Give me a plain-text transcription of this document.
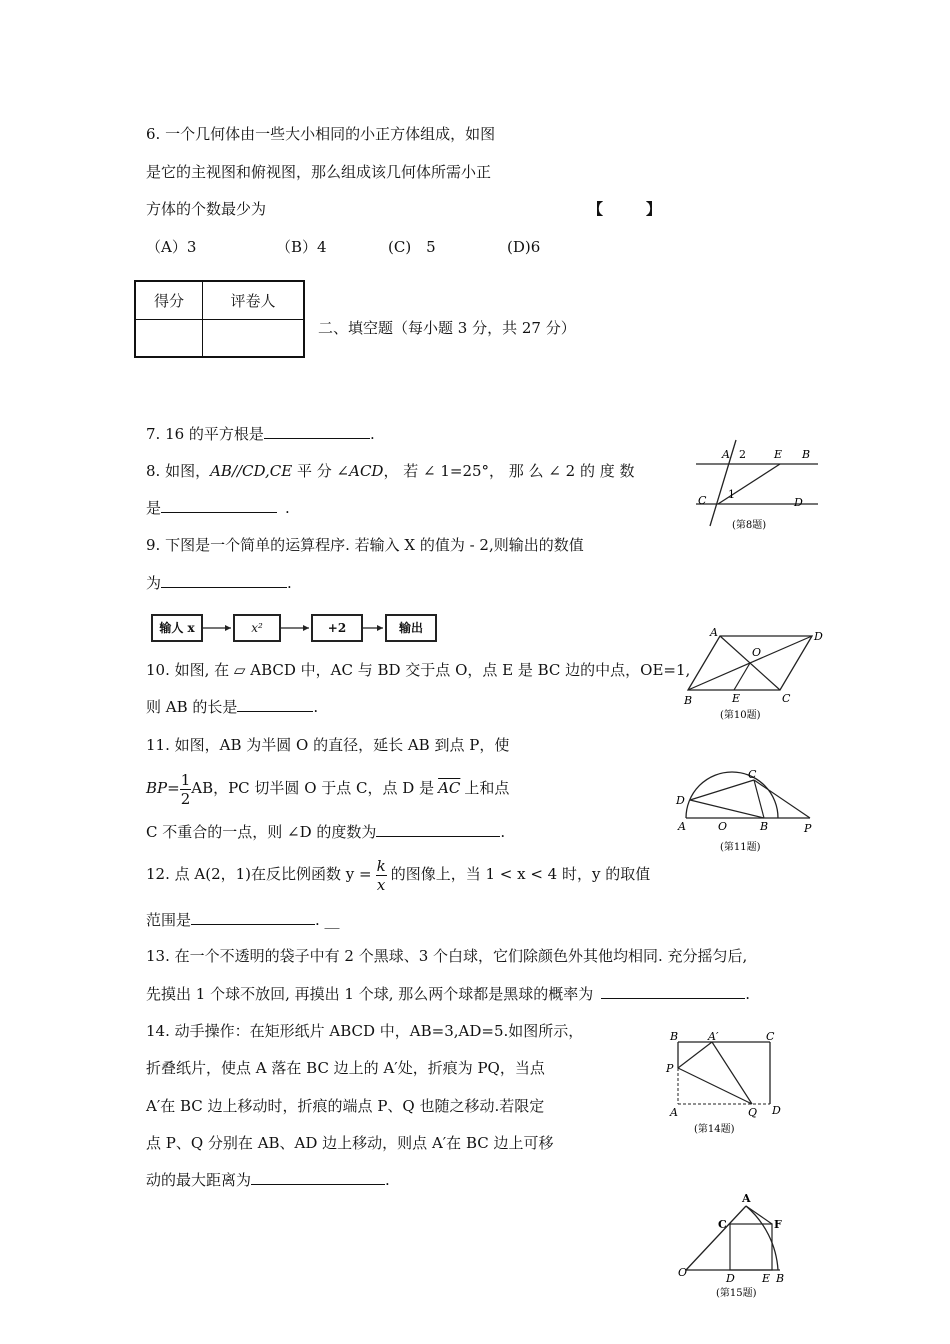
6. 一个几何体由一些大小相同的小正方体组成，如图
是它的主视图和俯视图，那么组成该几何体所需小正
方体的个数最少为	【	】
（A）3	（B）4	(C)　5	(D)6
得分	评卷人

二、填空题（每小题 3 分，共 27 分）
7. 16 的平方根是	.
8. 如图，AB//CD,CE 平 分 ∠ACD， 若 ∠ 1=25°， 那 么 ∠ 2 的 度 数
是	.
9. 下图是一个简单的运算程序. 若输入 X 的值为 ‐ 2,则输出的数值
为	.
输人 x	x²	+2	输出
10. 如图, 在 ▱ ABCD 中，AC 与 BD 交于点 O，点 E 是 BC 边的中点，OE=1,
则 AB 的长是	.
11. 如图，AB 为半圆 O 的直径，延长 AB 到点 P，使
$BP= \frac{1}{2}AB$，PC 切半圆 O 于点 C，点 D 是 $\overline{AC}$ 上和点
C 不重合的一点，则 ∠D 的度数为	.
12. 点 A(2，1)在反比例函数 $y = \frac{k}{x}$ 的图像上，当 1 < x < 4 时，y 的取值
范围是	. __
13. 在一个不透明的袋子中有 2 个黑球、3 个白球，它们除颜色外其他均相同. 充分摇匀后,
先摸出 1 个球不放回, 再摸出 1 个球, 那么两个球都是黑球的概率为	.
14. 动手操作：在矩形纸片 ABCD 中，AB=3,AD=5.如图所示，
折叠纸片，使点 A 落在 BC 边上的 A′处，折痕为 PQ，当点
A′在 BC 边上移动时，折痕的端点 P、Q 也随之移动.若限定
点 P、Q 分别在 AB、AD 边上移动，则点 A′在 BC 边上可移
动的最大距离为	.
A 2	E B
1
C	D
(第8题)
A	D
O
B	E	C
(第10题)
C
D
A	O	B	P
(第11题)
B	A′	C
P
A	Q D
(第14题)
A
C	F
O	D E B
(第15题)
